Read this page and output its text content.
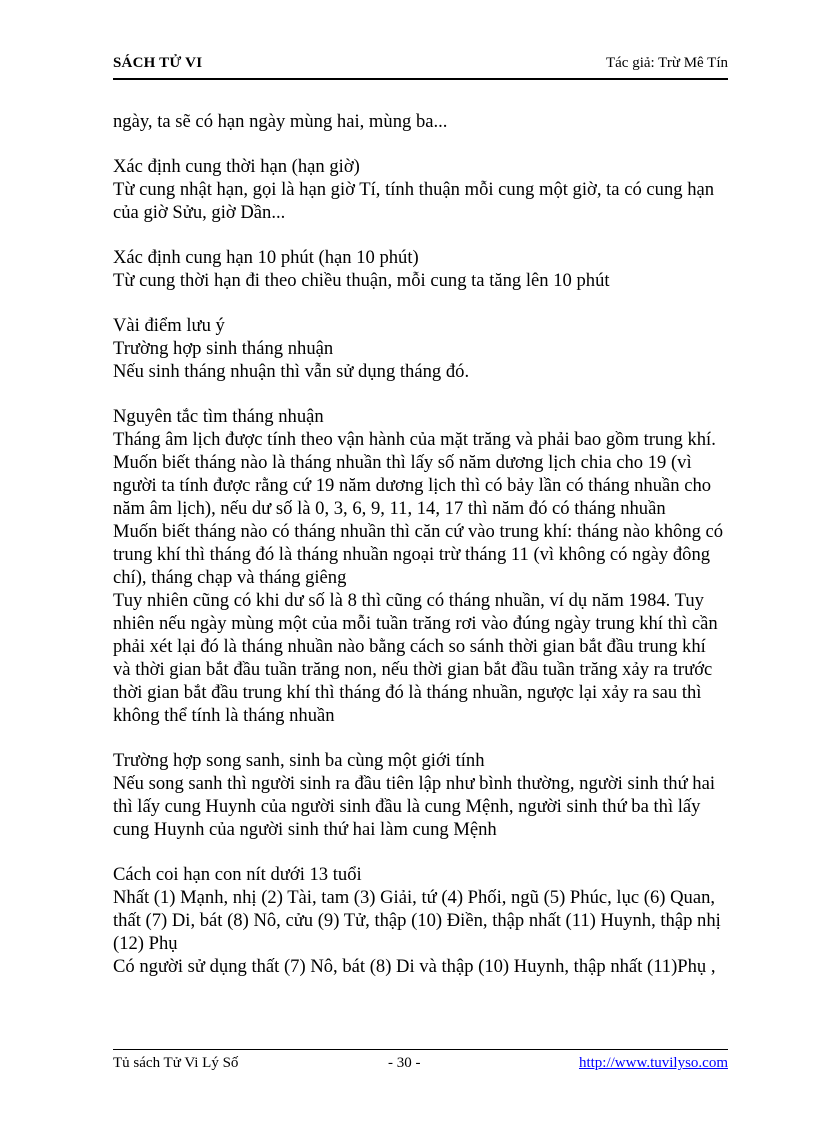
SÁCH TỬ VI	Tác giả: Trừ Mê Tín
ngày, ta sẽ có hạn ngày mùng hai, mùng ba...
Xác định cung thời hạn (hạn giờ)
Từ cung nhật hạn, gọi là hạn giờ Tí, tính thuận mỗi cung một giờ, ta có cung hạn
của giờ Sửu, giờ Dần...
Xác định cung hạn 10 phút (hạn 10 phút)
Từ cung thời hạn đi theo chiều thuận, mỗi cung ta tăng lên 10 phút
Vài điểm lưu ý
Trường hợp sinh tháng nhuận
Nếu sinh tháng nhuận thì vẫn sử dụng tháng đó.
Nguyên tắc tìm tháng nhuận
Tháng âm lịch được tính theo vận hành của mặt trăng và phải bao gồm trung khí.
Muốn biết tháng nào là tháng nhuần thì lấy số năm dương lịch chia cho 19 (vì
người ta tính được rằng cứ 19 năm dương lịch thì có bảy lần có tháng nhuần cho
năm âm lịch), nếu dư số là 0, 3, 6, 9, 11, 14, 17 thì năm đó có tháng nhuần
Muốn biết tháng nào có tháng nhuần thì căn cứ vào trung khí: tháng nào không có
trung khí thì tháng đó là tháng nhuần ngoại trừ tháng 11 (vì không có ngày đông
chí), tháng chạp và tháng giêng
Tuy nhiên cũng có khi dư số là 8 thì cũng có tháng nhuần, ví dụ năm 1984. Tuy
nhiên nếu ngày mùng một của mỗi tuần trăng rơi vào đúng ngày trung khí thì cần
phải xét lại đó là tháng nhuần nào bằng cách so sánh thời gian bắt đầu trung khí
và thời gian bắt đầu tuần trăng non, nếu thời gian bắt đầu tuần trăng xảy ra trước
thời gian bắt đầu trung khí thì tháng đó là tháng nhuần, ngược lại xảy ra sau thì
không thể tính là tháng nhuần
Trường hợp song sanh, sinh ba cùng một giới tính
Nếu song sanh thì người sinh ra đầu tiên lập như bình thường, người sinh thứ hai
thì lấy cung Huynh của người sinh đầu là cung Mệnh, người sinh thứ ba thì lấy
cung Huynh của người sinh thứ hai làm cung Mệnh
Cách coi hạn con nít dưới 13 tuổi
Nhất (1) Mạnh, nhị (2) Tài, tam (3) Giải, tứ (4) Phối, ngũ (5) Phúc, lục (6) Quan,
thất (7) Di, bát (8) Nô, cửu (9) Tử, thập (10) Điền, thập nhất (11) Huynh, thập nhị
(12) Phụ
Có người sử dụng thất (7) Nô, bát (8) Di và thập (10) Huynh, thập nhất (11)Phụ ,
Tủ sách Tử Vi Lý Số	- 30 -	http://www.tuvilyso.com
